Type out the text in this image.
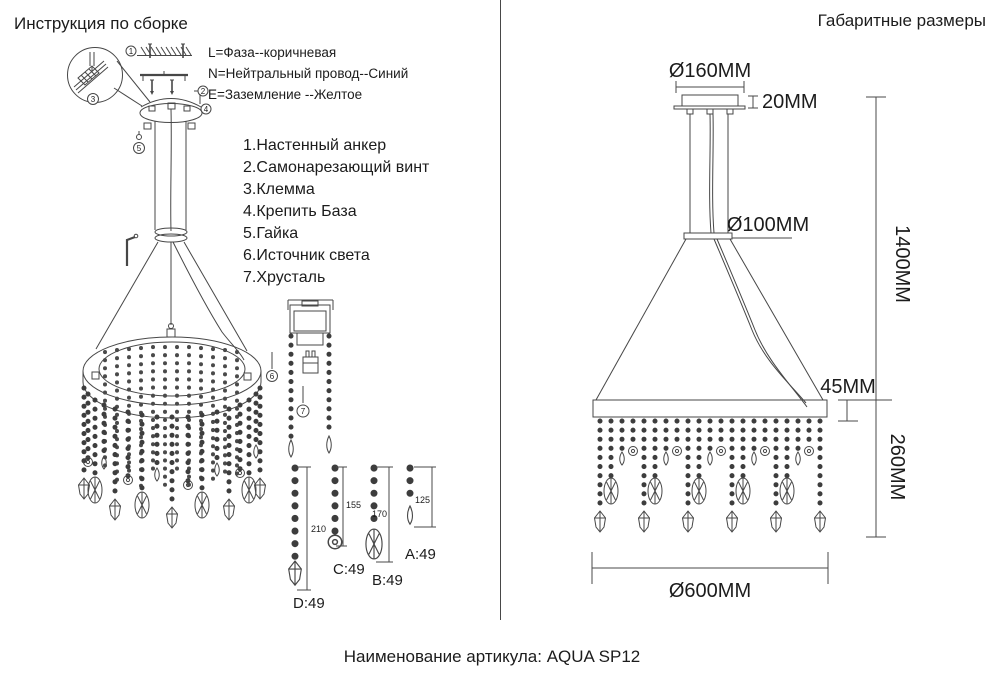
Инструкция по сборке	Габаритные размеры
L=Фаза--коричневая
N=Нейтральный провод--Синий
E=Заземление --Желтое
1.Настенный анкер
2.Самонарезающий винт
3.Клемма
4.Крепить База
5.Гайка
6.Источник света
7.Хрусталь
3
1
2
4
5
6
7
210
D:49
155
C:49
170
B:49
125
A:49
Ø160MM
20MM
Ø100MM
1400MM
45MM
260MM
Ø600MM
Наименование артикула: AQUA SP12
